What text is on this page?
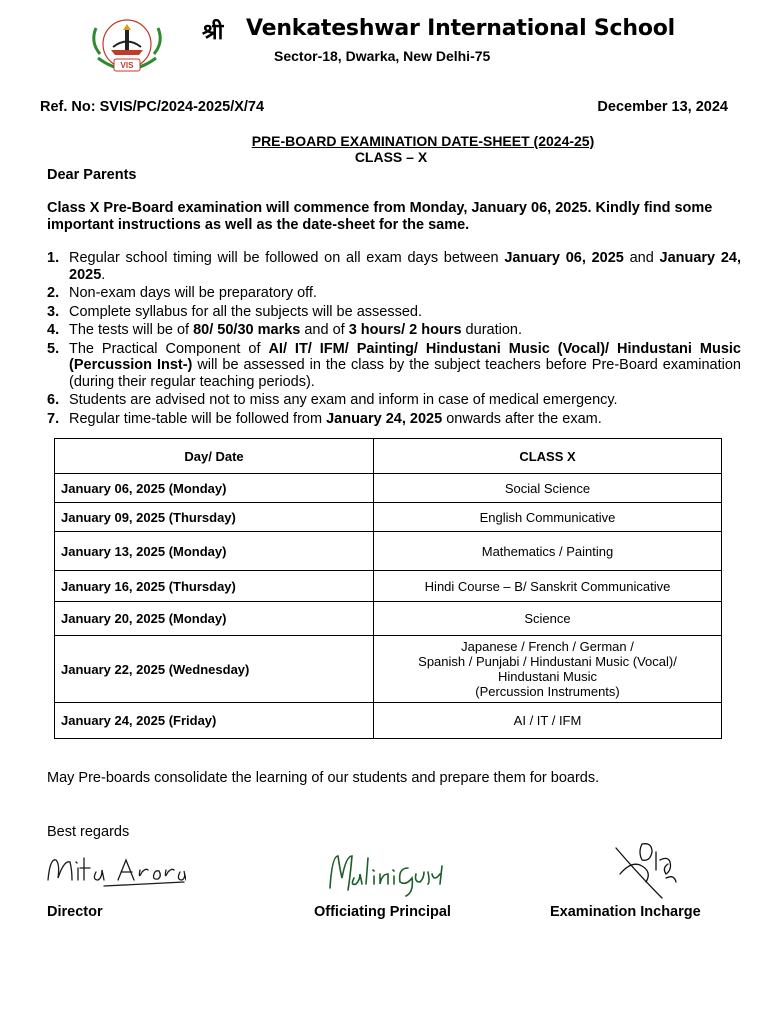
VIS
श्री Venkateshwar International School
Sector-18, Dwarka, New Delhi-75
Ref. No: SVIS/PC/2024-2025/X/74	December 13, 2024
PRE-BOARD EXAMINATION DATE-SHEET (2024-25)
CLASS – X
Dear Parents
Class X Pre-Board examination will commence from Monday, January 06, 2025. Kindly find some important instructions as well as the date-sheet for the same.
1. Regular school timing will be followed on all exam days between January 06, 2025 and January 24, 2025.
2. Non-exam days will be preparatory off.
3. Complete syllabus for all the subjects will be assessed.
4. The tests will be of 80/ 50/30 marks and of 3 hours/ 2 hours duration.
5. The Practical Component of AI/ IT/ IFM/ Painting/ Hindustani Music (Vocal)/ Hindustani Music (Percussion Inst-) will be assessed in the class by the subject teachers before Pre-Board examination (during their regular teaching periods).
6. Students are advised not to miss any exam and inform in case of medical emergency.
7. Regular time-table will be followed from January 24, 2025 onwards after the exam.
Day/ Date	CLASS X
January 06, 2025 (Monday)	Social Science

January 09, 2025 (Thursday)	English Communicative

January 13, 2025 (Monday)	Mathematics / Painting

January 16, 2025 (Thursday)	Hindi Course – B/ Sanskrit Communicative

January 20, 2025 (Monday)	Science

January 22, 2025 (Wednesday)	Japanese / French / German /
Spanish / Punjabi / Hindustani Music (Vocal)/
Hindustani Music
(Percussion Instruments)

January 24, 2025 (Friday)	AI / IT / IFM
May Pre-boards consolidate the learning of our students and prepare them for boards.
Best regards
Director	Officiating Principal	Examination Incharge
